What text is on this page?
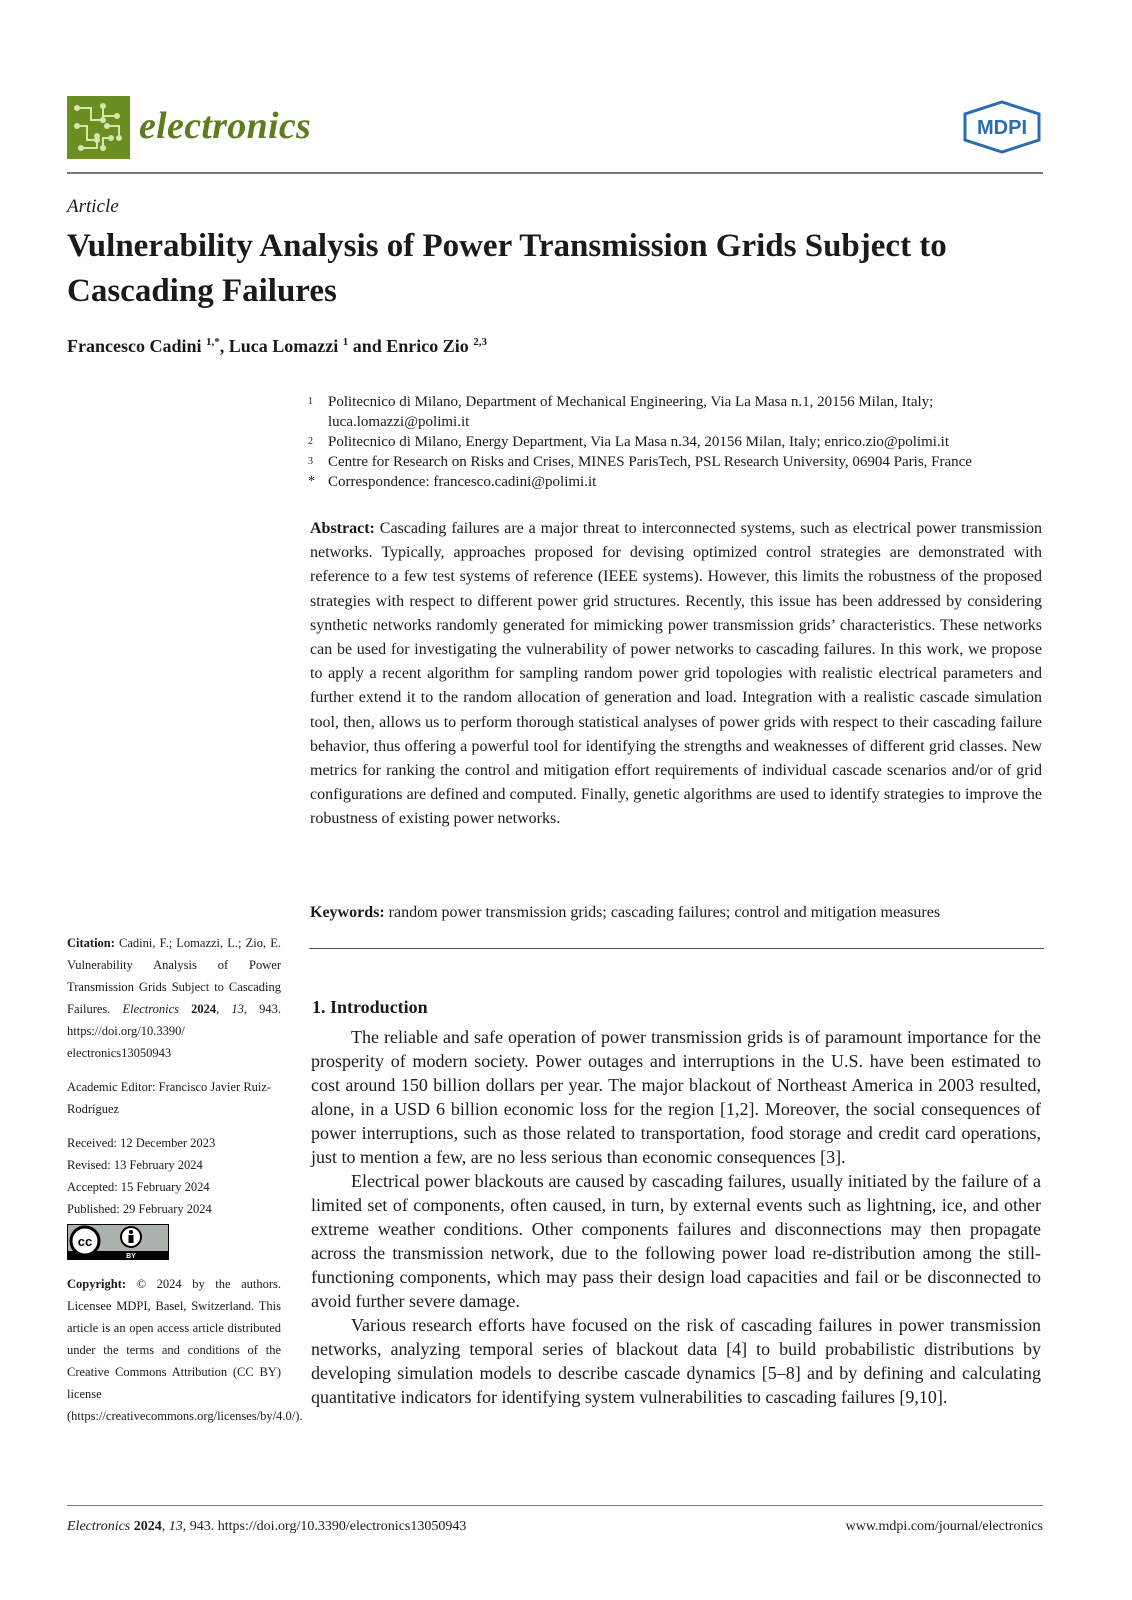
electronics	MDPI
Article
Vulnerability Analysis of Power Transmission Grids Subject to Cascading Failures
Francesco Cadini $^{1,*}$, Luca Lomazzi $^1$ and Enrico Zio $^{2,3}$
1 Politecnico di Milano, Department of Mechanical Engineering, Via La Masa n.1, 20156 Milan, Italy; luca.lomazzi@polimi.it
2 Politecnico di Milano, Energy Department, Via La Masa n.34, 20156 Milan, Italy; enrico.zio@polimi.it
3 Centre for Research on Risks and Crises, MINES ParisTech, PSL Research University, 06904 Paris, France
* Correspondence: francesco.cadini@polimi.it
Abstract: Cascading failures are a major threat to interconnected systems, such as electrical power transmission networks. Typically, approaches proposed for devising optimized control strategies are demonstrated with reference to a few test systems of reference (IEEE systems). However, this limits the robustness of the proposed strategies with respect to different power grid structures. Recently, this issue has been addressed by considering synthetic networks randomly generated for mimicking power transmission grids’ characteristics. These networks can be used for investigating the vulnerability of power networks to cascading failures. In this work, we propose to apply a recent algorithm for sampling random power grid topologies with realistic electrical parameters and further extend it to the random allocation of generation and load. Integration with a realistic cascade simulation tool, then, allows us to perform thorough statistical analyses of power grids with respect to their cascading failure behavior, thus offering a powerful tool for identifying the strengths and weaknesses of different grid classes. New metrics for ranking the control and mitigation effort requirements of individual cascade scenarios and/or of grid configurations are defined and computed. Finally, genetic algorithms are used to identify strategies to improve the robustness of existing power networks.
Keywords: random power transmission grids; cascading failures; control and mitigation measures
Citation: Cadini, F.; Lomazzi, L.; Zio, E. Vulnerability Analysis of Power Transmission Grids Subject to Cascading Failures. Electronics 2024, 13, 943. https://doi.org/10.3390/ electronics13050943
Academic Editor: Francisco Javier Ruiz-Rodríguez
Received: 12 December 2023
Revised: 13 February 2024
Accepted: 15 February 2024
Published: 29 February 2024
cc
BY
Copyright: © 2024 by the authors. Licensee MDPI, Basel, Switzerland. This article is an open access article distributed under the terms and conditions of the Creative Commons Attribution (CC BY) license (https://creativecommons.org/licenses/by/4.0/).
1. Introduction

The reliable and safe operation of power transmission grids is of paramount importance for the prosperity of modern society. Power outages and interruptions in the U.S. have been estimated to cost around 150 billion dollars per year. The major blackout of Northeast America in 2003 resulted, alone, in a USD 6 billion economic loss for the region [1,2]. Moreover, the social consequences of power interruptions, such as those related to transportation, food storage and credit card operations, just to mention a few, are no less serious than economic consequences [3].

Electrical power blackouts are caused by cascading failures, usually initiated by the failure of a limited set of components, often caused, in turn, by external events such as lightning, ice, and other extreme weather conditions. Other components failures and disconnections may then propagate across the transmission network, due to the following power load re-distribution among the still-functioning components, which may pass their design load capacities and fail or be disconnected to avoid further severe damage.

Various research efforts have focused on the risk of cascading failures in power transmission networks, analyzing temporal series of blackout data [4] to build probabilistic distributions by developing simulation models to describe cascade dynamics [5–8] and by defining and calculating quantitative indicators for identifying system vulnerabilities to cascading failures [9,10].

Electronics 2024, 13, 943. https://doi.org/10.3390/electronics13050943	www.mdpi.com/journal/electronics
